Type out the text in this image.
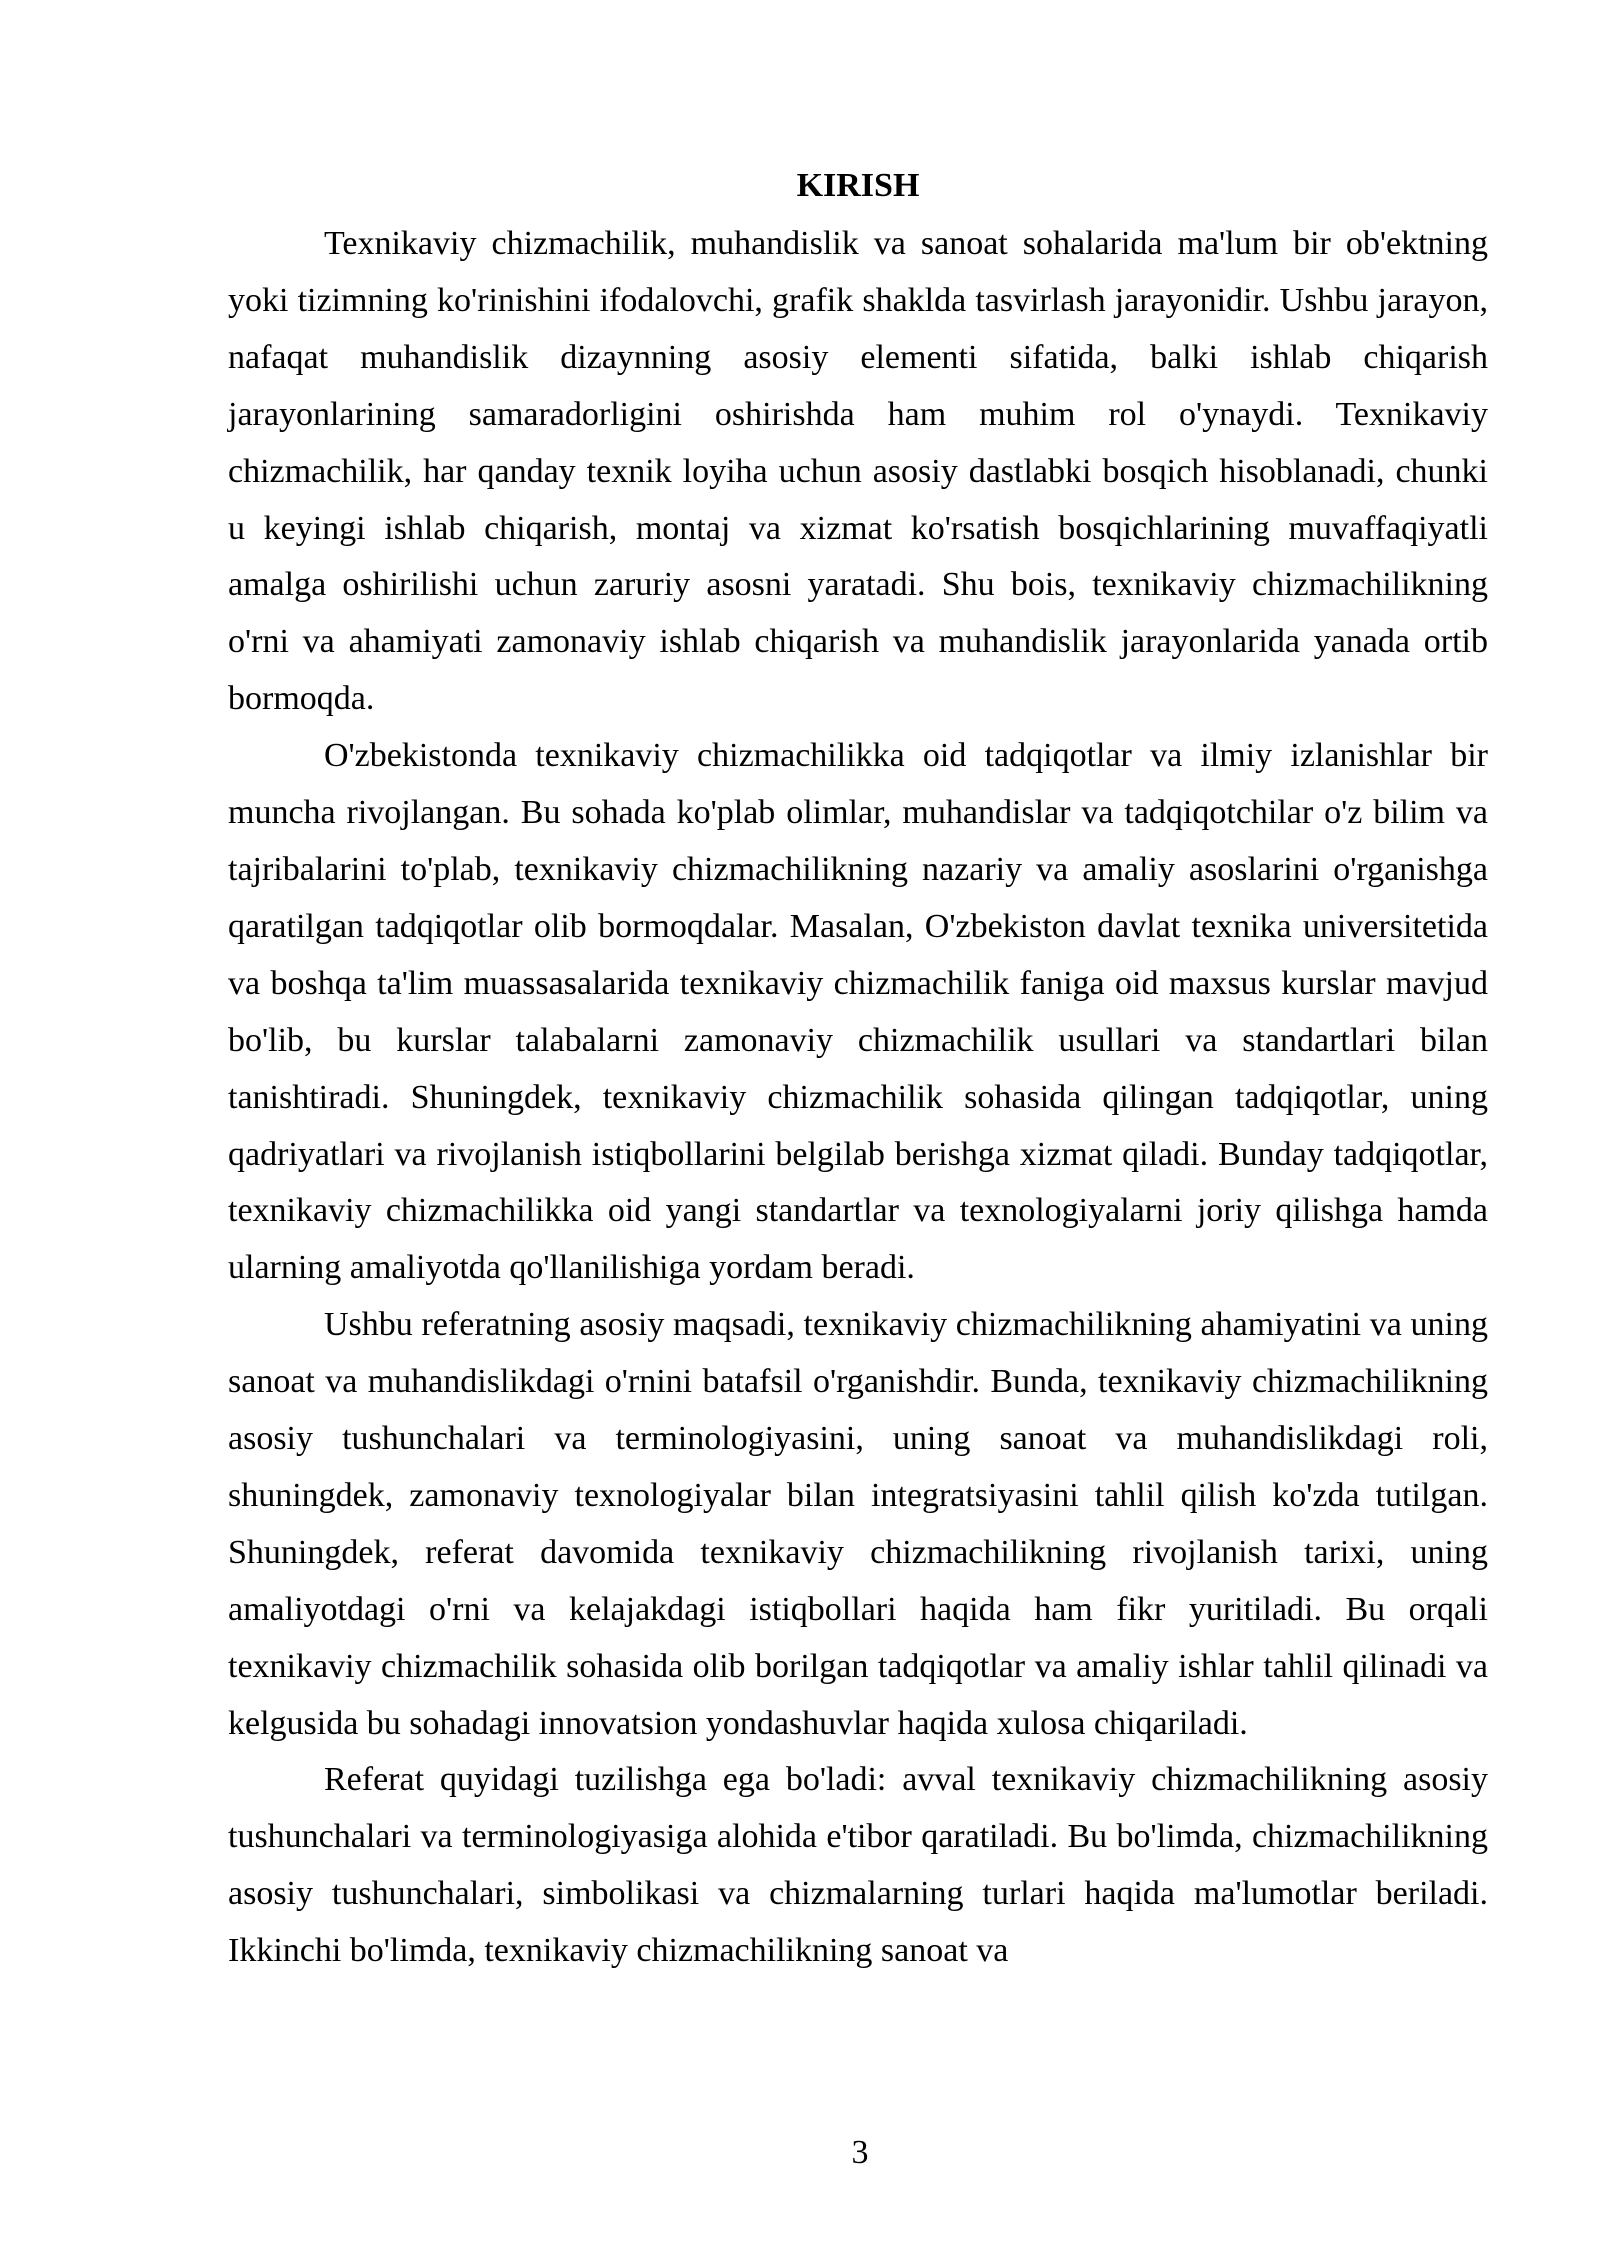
KIRISH

Texnikaviy chizmachilik, muhandislik va sanoat sohalarida ma'lum bir ob'ektning yoki tizimning ko'rinishini ifodalovchi, grafik shaklda tasvirlash jarayonidir. Ushbu jarayon, nafaqat muhandislik dizaynning asosiy elementi sifatida, balki ishlab chiqarish jarayonlarining samaradorligini oshirishda ham muhim rol o'ynaydi. Texnikaviy chizmachilik, har qanday texnik loyiha uchun asosiy dastlabki bosqich hisoblanadi, chunki u keyingi ishlab chiqarish, montaj va xizmat ko'rsatish bosqichlarining muvaffaqiyatli amalga oshirilishi uchun zaruriy asosni yaratadi. Shu bois, texnikaviy chizmachilikning o'rni va ahamiyati zamonaviy ishlab chiqarish va muhandislik jarayonlarida yanada ortib bormoqda.

O'zbekistonda texnikaviy chizmachilikka oid tadqiqotlar va ilmiy izlanishlar bir muncha rivojlangan. Bu sohada ko'plab olimlar, muhandislar va tadqiqotchilar o'z bilim va tajribalarini to'plab, texnikaviy chizmachilikning nazariy va amaliy asoslarini o'rganishga qaratilgan tadqiqotlar olib bormoqdalar. Masalan, O'zbekiston davlat texnika universitetida va boshqa ta'lim muassasalarida texnikaviy chizmachilik faniga oid maxsus kurslar mavjud bo'lib, bu kurslar talabalarni zamonaviy chizmachilik usullari va standartlari bilan tanishtiradi. Shuningdek, texnikaviy chizmachilik sohasida qilingan tadqiqotlar, uning qadriyatlari va rivojlanish istiqbollarini belgilab berishga xizmat qiladi. Bunday tadqiqotlar, texnikaviy chizmachilikka oid yangi standartlar va texnologiyalarni joriy qilishga hamda ularning amaliyotda qo'llanilishiga yordam beradi.

Ushbu referatning asosiy maqsadi, texnikaviy chizmachilikning ahamiyatini va uning sanoat va muhandislikdagi o'rnini batafsil o'rganishdir. Bunda, texnikaviy chizmachilikning asosiy tushunchalari va terminologiyasini, uning sanoat va muhandislikdagi roli, shuningdek, zamonaviy texnologiyalar bilan integratsiyasini tahlil qilish ko'zda tutilgan. Shuningdek, referat davomida texnikaviy chizmachilikning rivojlanish tarixi, uning amaliyotdagi o'rni va kelajakdagi istiqbollari haqida ham fikr yuritiladi. Bu orqali texnikaviy chizmachilik sohasida olib borilgan tadqiqotlar va amaliy ishlar tahlil qilinadi va kelgusida bu sohadagi innovatsion yondashuvlar haqida xulosa chiqariladi.

Referat quyidagi tuzilishga ega bo'ladi: avval texnikaviy chizmachilikning asosiy tushunchalari va terminologiyasiga alohida e'tibor qaratiladi. Bu bo'limda, chizmachilikning asosiy tushunchalari, simbolikasi va chizmalarning turlari haqida ma'lumotlar beriladi. Ikkinchi bo'limda, texnikaviy chizmachilikning sanoat va

3
